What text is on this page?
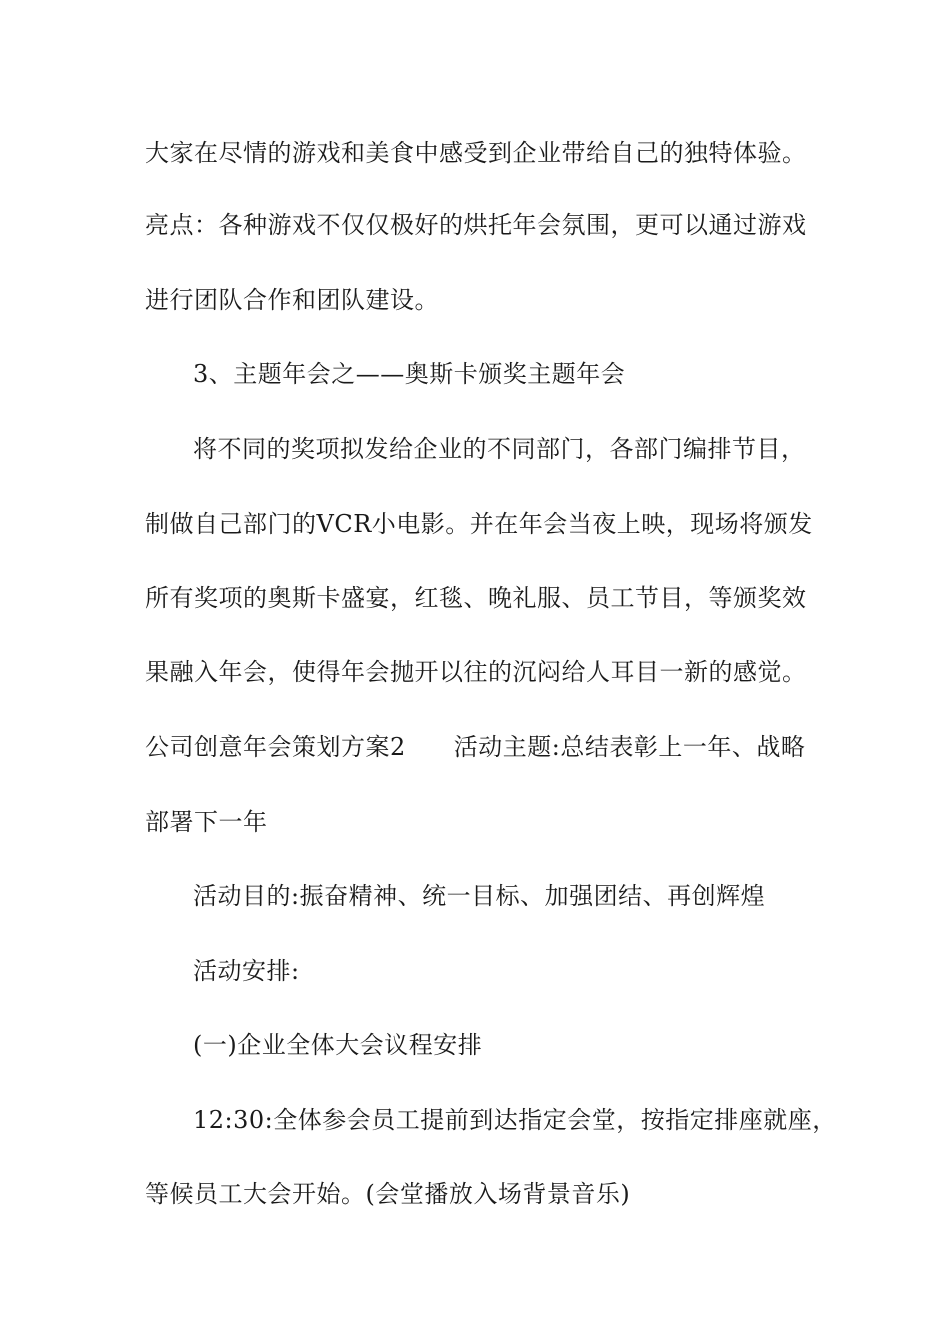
大家在尽情的游戏和美食中感受到企业带给自己的独特体验。
亮点：各种游戏不仅仅极好的烘托年会氛围，更可以通过游戏
进行团队合作和团队建设。
3、主题年会之——奥斯卡颁奖主题年会
将不同的奖项拟发给企业的不同部门，各部门编排节目，
制做自己部门的VCR小电影。并在年会当夜上映，现场将颁发
所有奖项的奥斯卡盛宴，红毯、晚礼服、员工节目，等颁奖效
果融入年会，使得年会抛开以往的沉闷给人耳目一新的感觉。
公司创意年会策划方案2 活动主题:总结表彰上一年、战略
部署下一年
活动目的:振奋精神、统一目标、加强团结、再创辉煌
活动安排:
(一)企业全体大会议程安排
12:30:全体参会员工提前到达指定会堂，按指定排座就座，
等候员工大会开始。(会堂播放入场背景音乐)
